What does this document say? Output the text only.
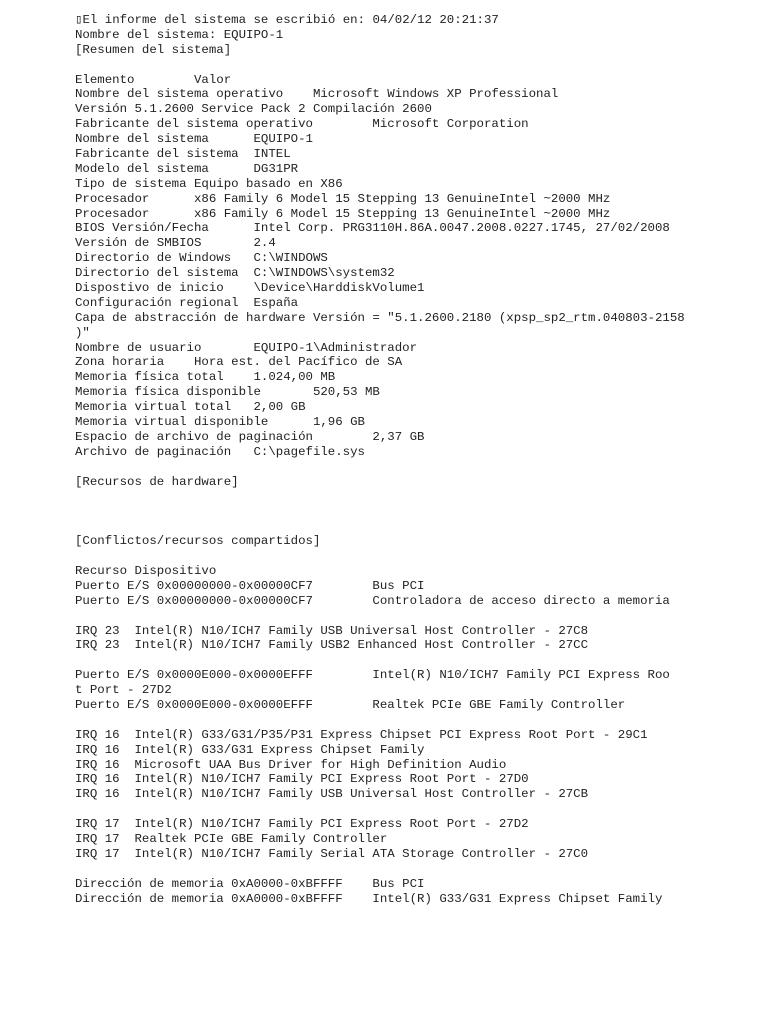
▯El informe del sistema se escribió en: 04/02/12 20:21:37
Nombre del sistema: EQUIPO-1
[Resumen del sistema]
Elemento        Valor
Nombre del sistema operativo    Microsoft Windows XP Professional
Versión 5.1.2600 Service Pack 2 Compilación 2600
Fabricante del sistema operativo        Microsoft Corporation
Nombre del sistema      EQUIPO-1
Fabricante del sistema  INTEL
Modelo del sistema      DG31PR
Tipo de sistema Equipo basado en X86
Procesador      x86 Family 6 Model 15 Stepping 13 GenuineIntel ~2000 MHz
Procesador      x86 Family 6 Model 15 Stepping 13 GenuineIntel ~2000 MHz
BIOS Versión/Fecha      Intel Corp. PRG3110H.86A.0047.2008.0227.1745, 27/02/2008
Versión de SMBIOS       2.4
Directorio de Windows   C:\WINDOWS
Directorio del sistema  C:\WINDOWS\system32
Dispostivo de inicio    \Device\HarddiskVolume1
Configuración regional  España
Capa de abstracción de hardware Versión = "5.1.2600.2180 (xpsp_sp2_rtm.040803-2158
)"
Nombre de usuario       EQUIPO-1\Administrador
Zona horaria    Hora est. del Pacífico de SA
Memoria física total    1.024,00 MB
Memoria física disponible       520,53 MB
Memoria virtual total   2,00 GB
Memoria virtual disponible      1,96 GB
Espacio de archivo de paginación        2,37 GB
Archivo de paginación   C:\pagefile.sys
[Recursos de hardware]
[Conflictos/recursos compartidos]
Recurso Dispositivo
Puerto E/S 0x00000000-0x00000CF7        Bus PCI
Puerto E/S 0x00000000-0x00000CF7        Controladora de acceso directo a memoria
IRQ 23  Intel(R) N10/ICH7 Family USB Universal Host Controller - 27C8
IRQ 23  Intel(R) N10/ICH7 Family USB2 Enhanced Host Controller - 27CC
Puerto E/S 0x0000E000-0x0000EFFF        Intel(R) N10/ICH7 Family PCI Express Roo
t Port - 27D2
Puerto E/S 0x0000E000-0x0000EFFF        Realtek PCIe GBE Family Controller
IRQ 16  Intel(R) G33/G31/P35/P31 Express Chipset PCI Express Root Port - 29C1
IRQ 16  Intel(R) G33/G31 Express Chipset Family
IRQ 16  Microsoft UAA Bus Driver for High Definition Audio
IRQ 16  Intel(R) N10/ICH7 Family PCI Express Root Port - 27D0
IRQ 16  Intel(R) N10/ICH7 Family USB Universal Host Controller - 27CB
IRQ 17  Intel(R) N10/ICH7 Family PCI Express Root Port - 27D2
IRQ 17  Realtek PCIe GBE Family Controller
IRQ 17  Intel(R) N10/ICH7 Family Serial ATA Storage Controller - 27C0
Dirección de memoria 0xA0000-0xBFFFF    Bus PCI
Dirección de memoria 0xA0000-0xBFFFF    Intel(R) G33/G31 Express Chipset Family
